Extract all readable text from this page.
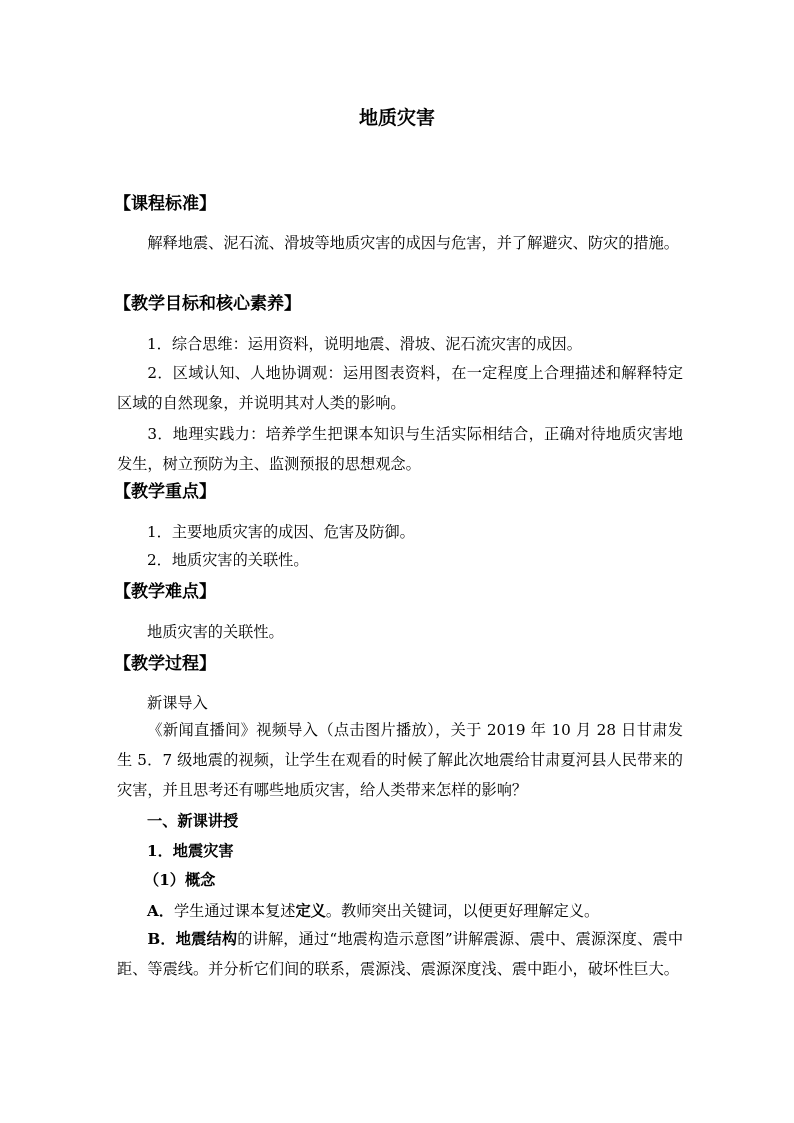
地质灾害
【课程标准】
解释地震、泥石流、滑坡等地质灾害的成因与危害，并了解避灾、防灾的措施。
【教学目标和核心素养】
1．综合思维：运用资料，说明地震、滑坡、泥石流灾害的成因。
2．区域认知、人地协调观：运用图表资料，在一定程度上合理描述和解释特定区域的自然现象，并说明其对人类的影响。
3．地理实践力：培养学生把课本知识与生活实际相结合，正确对待地质灾害地发生，树立预防为主、监测预报的思想观念。
【教学重点】
1．主要地质灾害的成因、危害及防御。
2．地质灾害的关联性。
【教学难点】
地质灾害的关联性。
【教学过程】
新课导入
《新闻直播间》视频导入（点击图片播放），关于 2019 年 10 月 28 日甘肃发生 5．7 级地震的视频，让学生在观看的时候了解此次地震给甘肃夏河县人民带来的灾害，并且思考还有哪些地质灾害，给人类带来怎样的影响？
一、新课讲授
1．地震灾害
（1）概念
A．学生通过课本复述定义。教师突出关键词，以便更好理解定义。
B．地震结构的讲解，通过“地震构造示意图”讲解震源、震中、震源深度、震中距、等震线。并分析它们间的联系，震源浅、震源深度浅、震中距小，破坏性巨大。
